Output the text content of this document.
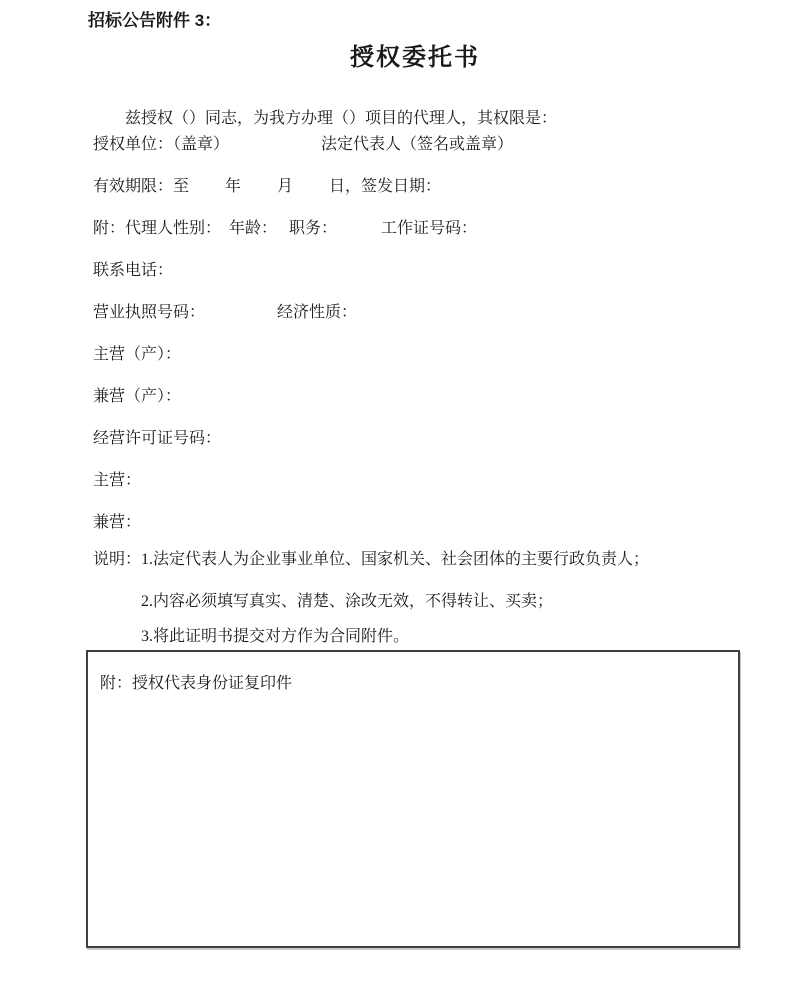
招标公告附件 3：
授权委托书

兹授权（）同志，为我方办理（）项目的代理人，其权限是：

授权单位：（盖章）　　　　　　 法定代表人（签名或盖章）
有效期限：至　　 年　　 月　　 日，签发日期：
附：代理人性别：　年龄：　 职务：　　　 工作证号码：
联系电话：
营业执照号码：　　　　　经济性质：
主营（产）：
兼营（产）：
经营许可证号码：
主营：
兼营：
说明：1.法定代表人为企业事业单位、国家机关、社会团体的主要行政负责人；
2.内容必须填写真实、清楚、涂改无效，不得转让、买卖；
3.将此证明书提交对方作为合同附件。
附：授权代表身份证复印件
